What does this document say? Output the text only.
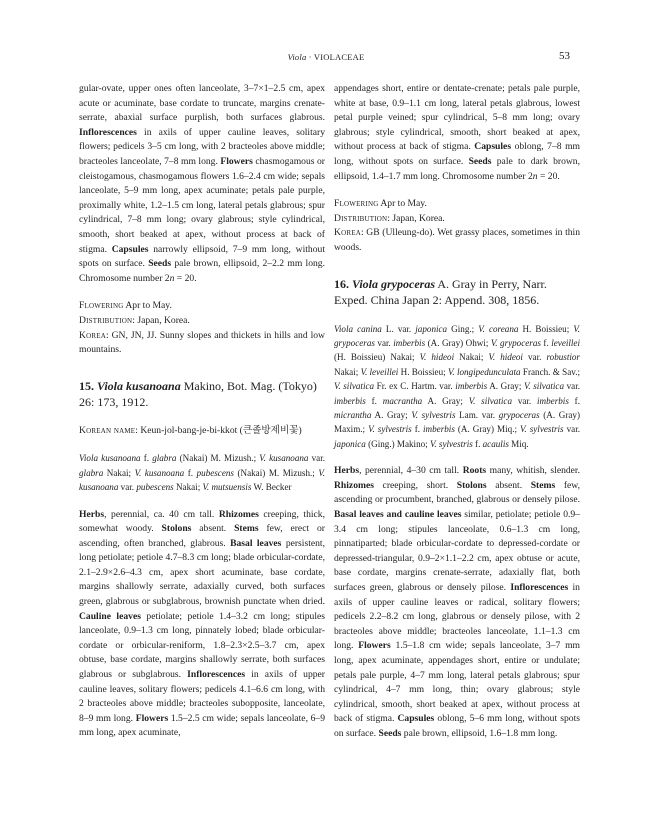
Viola · VIOLACEAE	53

gular-ovate, upper ones often lanceolate, 3–7×1–2.5 cm, apex acute or acuminate, base cordate to truncate, margins crenate-serrate, abaxial surface purplish, both surfaces glabrous. Inflorescences in axils of upper cauline leaves, solitary flowers; pedicels 3–5 cm long, with 2 bracteoles above middle; bracteoles lanceolate, 7–8 mm long. Flowers chasmogamous or cleistogamous, chasmogamous flowers 1.6–2.4 cm wide; sepals lanceolate, 5–9 mm long, apex acuminate; petals pale purple, proximally white, 1.2–1.5 cm long, lateral petals glabrous; spur cylindrical, 7–8 mm long; ovary glabrous; style cylindrical, smooth, short beaked at apex, without process at back of stigma. Capsules narrowly ellipsoid, 7–9 mm long, without spots on surface. Seeds pale brown, ellipsoid, 2–2.2 mm long. Chromosome number 2n = 20.

Flowering Apr to May.

Distribution: Japan, Korea.

Korea: GN, JN, JJ. Sunny slopes and thickets in hills and low mountains.

15. Viola kusanoana Makino, Bot. Mag. (Tokyo) 26: 173, 1912.

Korean name: Keun-jol-bang-je-bi-kkot (큰졸방제비꽃)

Viola kusanoana f. glabra (Nakai) M. Mizush.; V. kusanoana var. glabra Nakai; V. kusanoana f. pubescens (Nakai) M. Mizush.; V. kusanoana var. pubescens Nakai; V. mutsuensis W. Becker

Herbs, perennial, ca. 40 cm tall. Rhizomes creeping, thick, somewhat woody. Stolons absent. Stems few, erect or ascending, often branched, glabrous. Basal leaves persistent, long petiolate; petiole 4.7–8.3 cm long; blade orbicular-cordate, 2.1–2.9×2.6–4.3 cm, apex short acuminate, base cordate, margins shallowly serrate, adaxially curved, both surfaces green, glabrous or subglabrous, brownish punctate when dried. Cauline leaves petiolate; petiole 1.4–3.2 cm long; stipules lanceolate, 0.9–1.3 cm long, pinnately lobed; blade orbicular-cordate or orbicular-reniform, 1.8–2.3×2.5–3.7 cm, apex obtuse, base cordate, margins shallowly serrate, both surfaces glabrous or subglabrous. Inflorescences in axils of upper cauline leaves, solitary flowers; pedicels 4.1–6.6 cm long, with 2 bracteoles above middle; bracteoles subopposite, lanceolate, 8–9 mm long. Flowers 1.5–2.5 cm wide; sepals lanceolate, 6–9 mm long, apex acuminate,

appendages short, entire or dentate-crenate; petals pale purple, white at base, 0.9–1.1 cm long, lateral petals glabrous, lowest petal purple veined; spur cylindrical, 5–8 mm long; ovary glabrous; style cylindrical, smooth, short beaked at apex, without process at back of stigma. Capsules oblong, 7–8 mm long, without spots on surface. Seeds pale to dark brown, ellipsoid, 1.4–1.7 mm long. Chromosome number 2n = 20.

Flowering Apr to May.

Distribution: Japan, Korea.

Korea: GB (Ulleung-do). Wet grassy places, sometimes in thin woods.

16. Viola grypoceras A. Gray in Perry, Narr. Exped. China Japan 2: Append. 308, 1856.

Viola canina L. var. japonica Ging.; V. coreana H. Boissieu; V. grypoceras var. imberbis (A. Gray) Ohwi; V. grypoceras f. leveillei (H. Boissieu) Nakai; V. hideoi Nakai; V. hideoi var. robustior Nakai; V. leveillei H. Boissieu; V. longipedunculata Franch. & Sav.; V. silvatica Fr. ex C. Hartm. var. imberbis A. Gray; V. silvatica var. imberbis f. macrantha A. Gray; V. silvatica var. imberbis f. micrantha A. Gray; V. sylvestris Lam. var. grypoceras (A. Gray) Maxim.; V. sylvestris f. imberbis (A. Gray) Miq.; V. sylvestris var. japonica (Ging.) Makino; V. sylvestris f. acaulis Miq.

Herbs, perennial, 4–30 cm tall. Roots many, whitish, slender. Rhizomes creeping, short. Stolons absent. Stems few, ascending or procumbent, branched, glabrous or densely pilose. Basal leaves and cauline leaves similar, petiolate; petiole 0.9–3.4 cm long; stipules lanceolate, 0.6–1.3 cm long, pinnatiparted; blade orbicular-cordate to depressed-cordate or depressed-triangular, 0.9–2×1.1–2.2 cm, apex obtuse or acute, base cordate, margins crenate-serrate, adaxially flat, both surfaces green, glabrous or densely pilose. Inflorescences in axils of upper cauline leaves or radical, solitary flowers; pedicels 2.2–8.2 cm long, glabrous or densely pilose, with 2 bracteoles above middle; bracteoles lanceolate, 1.1–1.3 cm long. Flowers 1.5–1.8 cm wide; sepals lanceolate, 3–7 mm long, apex acuminate, appendages short, entire or undulate; petals pale purple, 4–7 mm long, lateral petals glabrous; spur cylindrical, 4–7 mm long, thin; ovary glabrous; style cylindrical, smooth, short beaked at apex, without process at back of stigma. Capsules oblong, 5–6 mm long, without spots on surface. Seeds pale brown, ellipsoid, 1.6–1.8 mm long.
